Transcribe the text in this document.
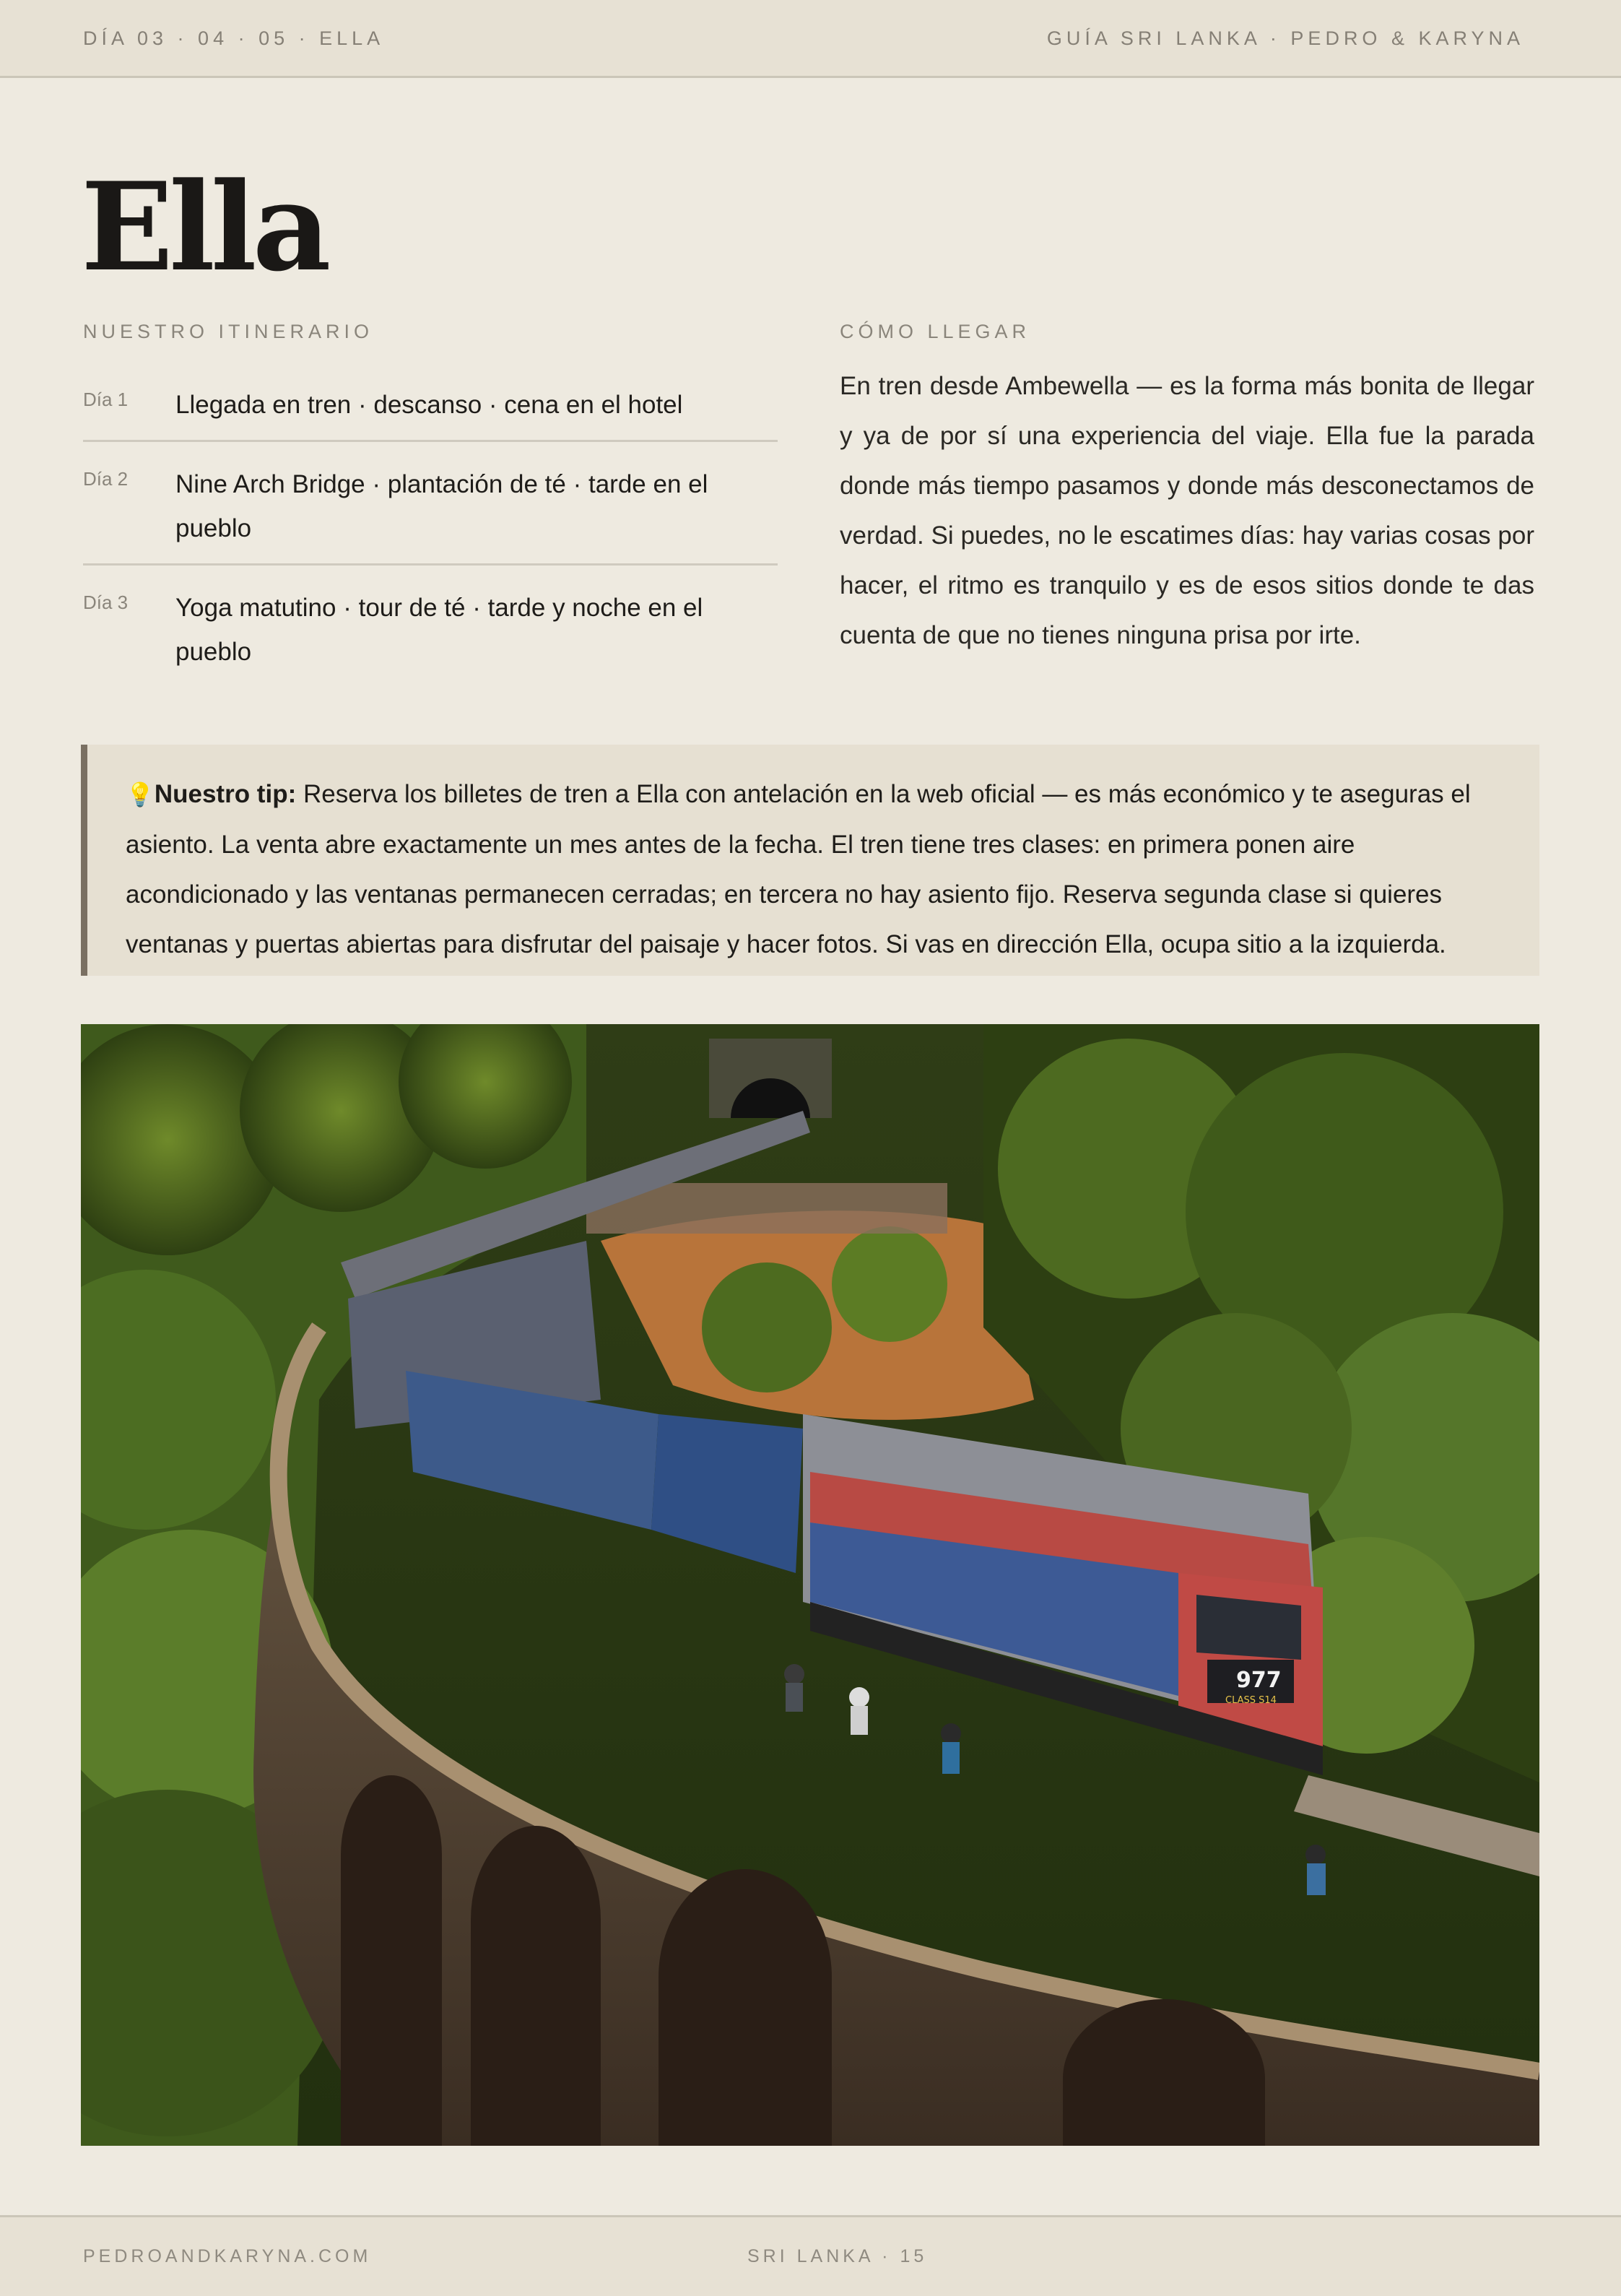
DÍA 03 · 04 · 05 · ELLA	GUÍA SRI LANKA · PEDRO & KARYNA
Ella
NUESTRO ITINERARIO	CÓMO LLEGAR
Día 1	Llegada en tren · descanso · cena en el hotel
Día 2	Nine Arch Bridge · plantación de té · tarde en el pueblo
Día 3	Yoga matutino · tour de té · tarde y noche en el pueblo

En tren desde Ambewella — es la forma más bonita de llegar y ya de por sí una experiencia del viaje. Ella fue la parada donde más tiempo pasamos y donde más desconectamos de verdad. Si puedes, no le escatimes días: hay varias cosas por hacer, el ritmo es tranquilo y es de esos sitios donde te das cuenta de que no tienes ninguna prisa por irte.

💡Nuestro tip: Reserva los billetes de tren a Ella con antelación en la web oficial — es más económico y te aseguras el asiento. La venta abre exactamente un mes antes de la fecha. El tren tiene tres clases: en primera ponen aire acondicionado y las ventanas permanecen cerradas; en tercera no hay asiento fijo. Reserva segunda clase si quieres ventanas y puertas abiertas para disfrutar del paisaje y hacer fotos. Si vas en dirección Ella, ocupa sitio a la izquierda.
977
CLASS S14
PEDROANDKARYNA.COM	SRI LANKA · 15
